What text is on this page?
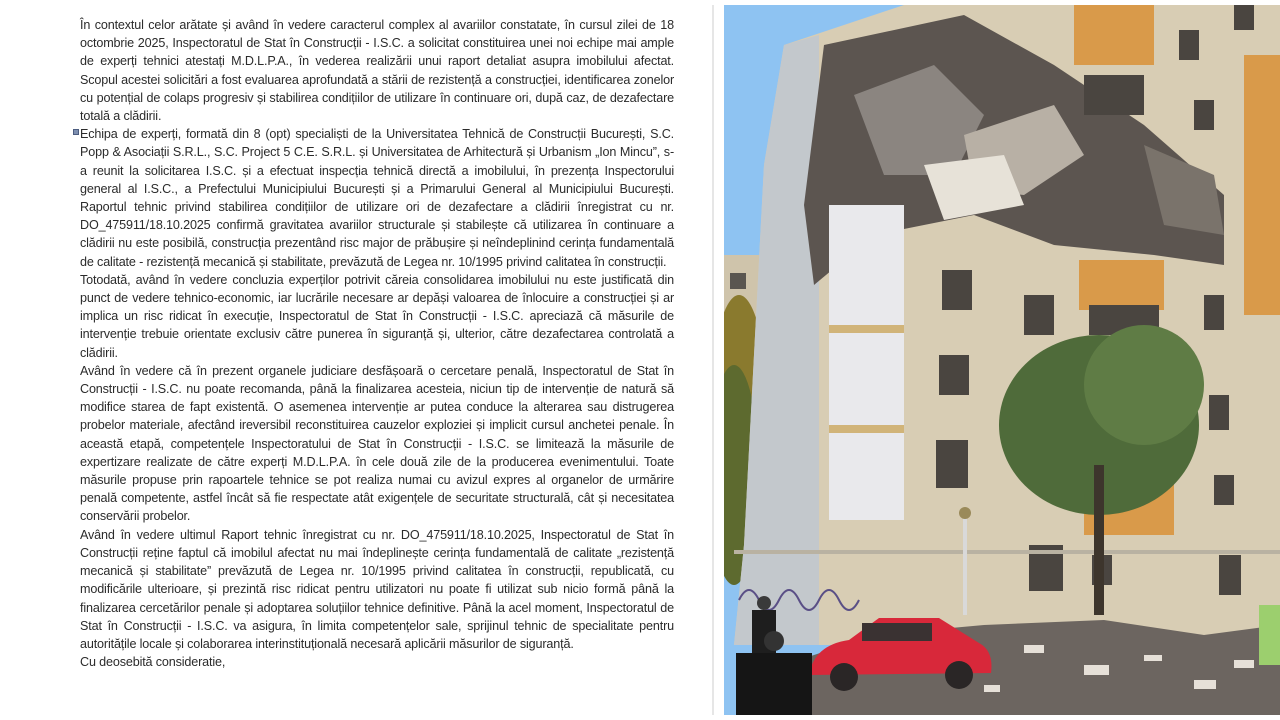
În contextul celor arătate și având în vedere caracterul complex al avariilor constatate, în cursul zilei de 18 octombrie 2025, Inspectoratul de Stat în Construcții - I.S.C. a solicitat constituirea unei noi echipe mai ample de experți tehnici atestați M.D.L.P.A., în vederea realizării unui raport detaliat asupra imobilului afectat. Scopul acestei solicitări a fost evaluarea aprofundată a stării de rezistență a construcției, identificarea zonelor cu potențial de colaps progresiv și stabilirea condițiilor de utilizare în continuare ori, după caz, de dezafectare totală a clădirii.

Echipa de experți, formată din 8 (opt) specialiști de la Universitatea Tehnică de Construcții București, S.C. Popp & Asociații S.R.L., S.C. Project 5 C.E. S.R.L. și Universitatea de Arhitectură și Urbanism „Ion Mincu”, s-a reunit la solicitarea I.S.C. și a efectuat inspecția tehnică directă a imobilului, în prezența Inspectorului general al I.S.C., a Prefectului Municipiului București și a Primarului General al Municipiului București. Raportul tehnic privind stabilirea condițiilor de utilizare ori de dezafectare a clădirii înregistrat cu nr. DO_475911/18.10.2025 confirmă gravitatea avariilor structurale și stabilește că utilizarea în continuare a clădirii nu este posibilă, construcția prezentând risc major de prăbușire și neîndeplinind cerința fundamentală de calitate - rezistență mecanică și stabilitate, prevăzută de Legea nr. 10/1995 privind calitatea în construcții.

Totodată, având în vedere concluzia experților potrivit căreia consolidarea imobilului nu este justificată din punct de vedere tehnico-economic, iar lucrările necesare ar depăși valoarea de înlocuire a construcției și ar implica un risc ridicat în execuție, Inspectoratul de Stat în Construcții - I.S.C. apreciază că măsurile de intervenție trebuie orientate exclusiv către punerea în siguranță și, ulterior, către dezafectarea controlată a clădirii.

Având în vedere că în prezent organele judiciare desfășoară o cercetare penală, Inspectoratul de Stat în Construcții - I.S.C. nu poate recomanda, până la finalizarea acesteia, niciun tip de intervenție de natură să modifice starea de fapt existentă. O asemenea intervenție ar putea conduce la alterarea sau distrugerea probelor materiale, afectând ireversibil reconstituirea cauzelor exploziei și implicit cursul anchetei penale. În această etapă, competențele Inspectoratului de Stat în Construcții - I.S.C. se limitează la măsurile de expertizare realizate de către experți M.D.L.P.A. în cele două zile de la producerea evenimentului. Toate măsurile propuse prin rapoartele tehnice se pot realiza numai cu avizul expres al organelor de urmărire penală competente, astfel încât să fie respectate atât exigențele de securitate structurală, cât și necesitatea conservării probelor.

Având în vedere ultimul Raport tehnic înregistrat cu nr. DO_475911/18.10.2025, Inspectoratul de Stat în Construcții reține faptul că imobilul afectat nu mai îndeplinește cerința fundamentală de calitate „rezistență mecanică și stabilitate” prevăzută de Legea nr. 10/1995 privind calitatea în construcții, republicată, cu modificările ulterioare, și prezintă risc ridicat pentru utilizatori nu poate fi utilizat sub nicio formă până la finalizarea cercetărilor penale și adoptarea soluțiilor tehnice definitive. Până la acel moment, Inspectoratul de Stat în Construcții - I.S.C. va asigura, în limita competențelor sale, sprijinul tehnic de specialitate pentru autoritățile locale și colaborarea interinstituțională necesară aplicării măsurilor de siguranță.

Cu deosebită consideratie,
